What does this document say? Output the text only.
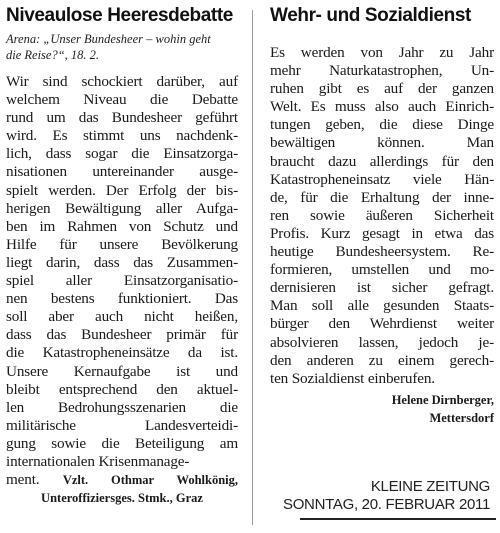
Niveaulose Heeresdebatte
Arena: „Unser Bundesheer – wohin geht
die Reise?“, 18. 2.
Wir sind schockiert darüber, auf
welchem Niveau die Debatte
rund um das Bundesheer geführt
wird. Es stimmt uns nachdenk-
lich, dass sogar die Einsatzorga-
nisationen untereinander ausge-
spielt werden. Der Erfolg der bis-
herigen Bewältigung aller Aufga-
ben im Rahmen von Schutz und
Hilfe für unsere Bevölkerung
liegt darin, dass das Zusammen-
spiel aller Einsatzorganisatio-
nen bestens funktioniert. Das
soll aber auch nicht heißen,
dass das Bundesheer primär für
die Katastropheneinsätze da ist.
Unsere Kernaufgabe ist und
bleibt entsprechend den aktuel-
len Bedrohungsszenarien die
militärische Landesverteidi-
gung sowie die Beteiligung am
internationalen Krisenmanage-
ment. Vzlt. Othmar Wohlkönig,
Unteroffiziersges. Stmk., Graz
Wehr- und Sozialdienst
Es werden von Jahr zu Jahr
mehr Naturkatastrophen, Un-
ruhen gibt es auf der ganzen
Welt. Es muss also auch Einrich-
tungen geben, die diese Dinge
bewältigen können. Man
braucht dazu allerdings für den
Katastropheneinsatz viele Hän-
de, für die Erhaltung der inne-
ren sowie äußeren Sicherheit
Profis. Kurz gesagt in etwa das
heutige Bundesheersystem. Re-
formieren, umstellen und mo-
dernisieren ist sicher gefragt.
Man soll alle gesunden Staats-
bürger den Wehrdienst weiter
absolvieren lassen, jedoch je-
den anderen zu einem gerech-
ten Sozialdienst einberufen.
Helene Dirnberger,
Mettersdorf
KLEINE ZEITUNG
SONNTAG, 20. FEBRUAR 2011
